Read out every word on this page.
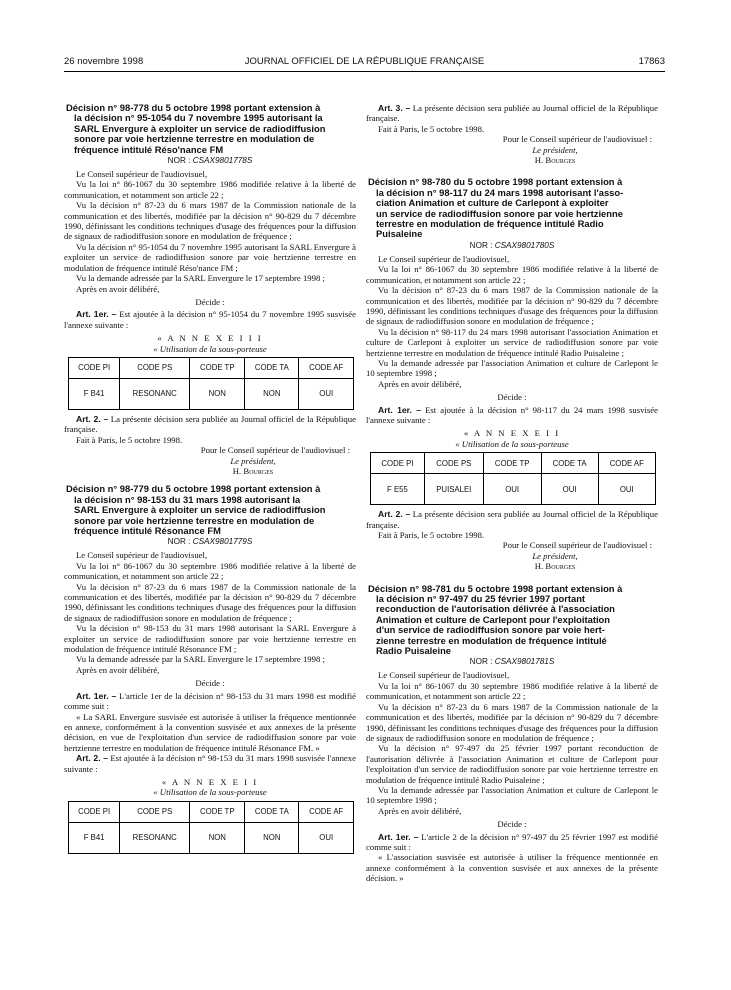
26 novembre 1998	JOURNAL OFFICIEL DE LA RÉPUBLIQUE FRANÇAISE	17863
Décision n° 98-778 du 5 octobre 1998 portant extension à
la décision n° 95-1054 du 7 novembre 1995 autorisant la
SARL Envergure à exploiter un service de radiodiffusion
sonore par voie hertzienne terrestre en modulation de
fréquence intitulé Réso'nance FM
NOR : CSAX9801778S

Le Conseil supérieur de l'audiovisuel,

Vu la loi n° 86-1067 du 30 septembre 1986 modifiée relative à la liberté de communication, et notamment son article 22 ;

Vu la décision n° 87-23 du 6 mars 1987 de la Commission nationale de la communication et des libertés, modifiée par la décision n° 90-829 du 7 décembre 1990, définissant les conditions techniques d'usage des fréquences pour la diffusion de signaux de radiodiffusion sonore en modulation de fréquence ;

Vu la décision n° 95-1054 du 7 novembre 1995 autorisant la SARL Envergure à exploiter un service de radiodiffusion sonore par voie hertzienne terrestre en modulation de fréquence intitulé Réso'nance FM ;

Vu la demande adressée par la SARL Envergure le 17 septembre 1998 ;

Après en avoir délibéré,

Décide :

Art. 1er. – Est ajoutée à la décision n° 95-1054 du 7 novembre 1995 susvisée l'annexe suivante :

« A N N E X E I I I

« Utilisation de la sous-porteuse

CODE PI	CODE PS	CODE TP	CODE TA	CODE AF
F B41	RESONANC	NON	NON	OUI

Art. 2. – La présente décision sera publiée au Journal officiel de la République française.

Fait à Paris, le 5 octobre 1998.

Pour le Conseil supérieur de l'audiovisuel :

Le président,

H. Bourges

Décision n° 98-779 du 5 octobre 1998 portant extension à
la décision n° 98-153 du 31 mars 1998 autorisant la
SARL Envergure à exploiter un service de radiodiffusion
sonore par voie hertzienne terrestre en modulation de
fréquence intitulé Résonance FM
NOR : CSAX9801779S

Le Conseil supérieur de l'audiovisuel,

Vu la loi n° 86-1067 du 30 septembre 1986 modifiée relative à la liberté de communication, et notamment son article 22 ;

Vu la décision n° 87-23 du 6 mars 1987 de la Commission nationale de la communication et des libertés, modifiée par la décision n° 90-829 du 7 décembre 1990, définissant les conditions techniques d'usage des fréquences pour la diffusion de signaux de radiodiffusion sonore en modulation de fréquence ;

Vu la décision n° 98-153 du 31 mars 1998 autorisant la SARL Envergure à exploiter un service de radiodiffusion sonore par voie hertzienne terrestre en modulation de fréquence intitulé Résonance FM ;

Vu la demande adressée par la SARL Envergure le 17 septembre 1998 ;

Après en avoir délibéré,

Décide :

Art. 1er. – L'article 1er de la décision n° 98-153 du 31 mars 1998 est modifié comme suit :

« La SARL Envergure susvisée est autorisée à utiliser la fréquence mentionnée en annexe, conformément à la convention susvisée et aux annexes de la présente décision, en vue de l'exploitation d'un service de radiodiffusion sonore par voie hertzienne terrestre en modulation de fréquence intitulé Résonance FM. »

Art. 2. – Est ajoutée à la décision n° 98-153 du 31 mars 1998 susvisée l'annexe suivante :

« A N N E X E I I

« Utilisation de la sous-porteuse

CODE PI	CODE PS	CODE TP	CODE TA	CODE AF
F B41	RESONANC	NON	NON	OUI

Art. 3. – La présente décision sera publiée au Journal officiel de la République française.

Fait à Paris, le 5 octobre 1998.

Pour le Conseil supérieur de l'audiovisuel :

Le président,

H. Bourges

Décision n° 98-780 du 5 octobre 1998 portant extension à
la décision n° 98-117 du 24 mars 1998 autorisant l'asso-
ciation Animation et culture de Carlepont à exploiter
un service de radiodiffusion sonore par voie hertzienne
terrestre en modulation de fréquence intitulé Radio
Puisaleine
NOR : CSAX9801780S

Le Conseil supérieur de l'audiovisuel,

Vu la loi n° 86-1067 du 30 septembre 1986 modifiée relative à la liberté de communication, et notamment son article 22 ;

Vu la décision n° 87-23 du 6 mars 1987 de la Commission nationale de la communication et des libertés, modifiée par la décision n° 90-829 du 7 décembre 1990, définissant les conditions techniques d'usage des fréquences pour la diffusion de signaux de radiodiffusion sonore en modulation de fréquence ;

Vu la décision n° 98-117 du 24 mars 1998 autorisant l'association Animation et culture de Carlepont à exploiter un service de radiodiffusion sonore par voie hertzienne terrestre en modulation de fréquence intitulé Radio Puisaleine ;

Vu la demande adressée par l'association Animation et culture de Carlepont le 10 septembre 1998 ;

Après en avoir délibéré,

Décide :

Art. 1er. – Est ajoutée à la décision n° 98-117 du 24 mars 1998 susvisée l'annexe suivante :

« A N N E X E I I

« Utilisation de la sous-porteuse

CODE PI	CODE PS	CODE TP	CODE TA	CODE AF
F E55	PUISALEI	OUI	OUI	OUI

Art. 2. – La présente décision sera publiée au Journal officiel de la République française.

Fait à Paris, le 5 octobre 1998.

Pour le Conseil supérieur de l'audiovisuel :

Le président,

H. Bourges

Décision n° 98-781 du 5 octobre 1998 portant extension à
la décision n° 97-497 du 25 février 1997 portant
reconduction de l'autorisation délivrée à l'association
Animation et culture de Carlepont pour l'exploitation
d'un service de radiodiffusion sonore par voie hert-
zienne terrestre en modulation de fréquence intitulé
Radio Puisaleine
NOR : CSAX9801781S

Le Conseil supérieur de l'audiovisuel,

Vu la loi n° 86-1067 du 30 septembre 1986 modifiée relative à la liberté de communication, et notamment son article 22 ;

Vu la décision n° 87-23 du 6 mars 1987 de la Commission nationale de la communication et des libertés, modifiée par la décision n° 90-829 du 7 décembre 1990, définissant les conditions techniques d'usage des fréquences pour la diffusion de signaux de radiodiffusion sonore en modulation de fréquence ;

Vu la décision n° 97-497 du 25 février 1997 portant reconduction de l'autorisation délivrée à l'association Animation et culture de Carlepont pour l'exploitation d'un service de radiodiffusion sonore par voie hertzienne terrestre en modulation de fréquence intitulé Radio Puisaleine ;

Vu la demande adressée par l'association Animation et culture de Carlepont le 10 septembre 1998 ;

Après en avoir délibéré,

Décide :

Art. 1er. – L'article 2 de la décision n° 97-497 du 25 février 1997 est modifié comme suit :

« L'association susvisée est autorisée à utiliser la fréquence mentionnée en annexe conformément à la convention susvisée et aux annexes de la présente décision. »
